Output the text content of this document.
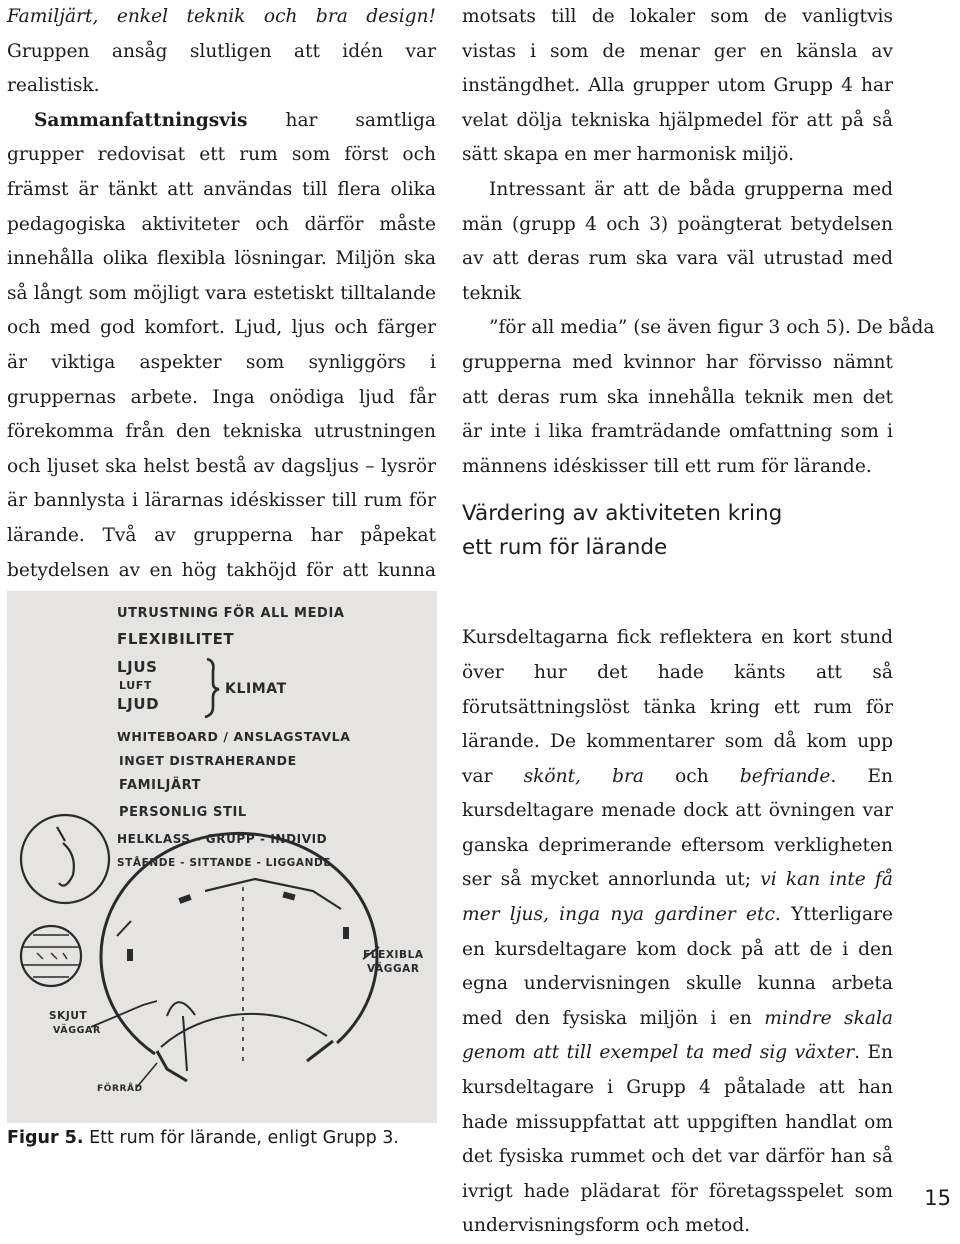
Familjärt, enkel teknik och bra design! Gruppen ansåg slutligen att idén var realistisk.

Sammanfattningsvis har samtliga grupper redovisat ett rum som först och främst är tänkt att användas till flera olika pedagogiska aktiviteter och därför måste innehålla olika flexibla lösningar. Miljön ska så långt som möjligt vara estetiskt tilltalande och med god komfort. Ljud, ljus och färger är viktiga aspekter som synliggörs i gruppernas arbete. Inga onödiga ljud får förekomma från den tekniska utrustningen och ljuset ska helst bestå av dagsljus – lysrör är bannlysta i lärarnas idéskisser till rum för lärande. Två av grupperna har påpekat betydelsen av en hög takhöjd för att kunna

UTRUSTNING FÖR ALL MEDIA
FLEXIBILITET
LJUS
LUFT
LJUD
KLIMAT
WHITEBOARD / ANSLAGSTAVLA
INGET DISTRAHERANDE
FAMILJÄRT
PERSONLIG STIL
HELKLASS - GRUPP - INDIVID
STÅENDE - SITTANDE - LIGGANDE
FLEXIBLA
VÄGGAR
SKJUT
VÄGGAR
FÖRRÅD
Figur 5. Ett rum för lärande, enligt Grupp 3.

motsats till de lokaler som de vanligtvis vistas i som de menar ger en känsla av instängdhet. Alla grupper utom Grupp 4 har velat dölja tekniska hjälpmedel för att på så sätt skapa en mer harmonisk miljö.

Intressant är att de båda grupperna med män (grupp 4 och 3) poängterat betydelsen av att deras rum ska vara väl utrustad med teknik
”för all media” (se även figur 3 och 5). De båda
grupperna med kvinnor har förvisso nämnt att deras rum ska innehålla teknik men det är inte i lika framträdande omfattning som i männens idéskisser till ett rum för lärande.

Kursdeltagarna fick reflektera en kort stund över hur det hade känts att så förutsättningslöst tänka kring ett rum för lärande. De kommentarer som då kom upp var skönt, bra och befriande. En kursdeltagare menade dock att övningen var ganska deprimerande eftersom verkligheten ser så mycket annorlunda ut; vi kan inte få mer ljus, inga nya gardiner etc. Ytterligare en kursdeltagare kom dock på att de i den egna undervisningen skulle kunna arbeta med den fysiska miljön i en mindre skala genom att till exempel ta med sig växter. En kursdeltagare i Grupp 4 påtalade att han hade missuppfattat att uppgiften handlat om det fysiska rummet och det var därför han så ivrigt hade plädarat för företagsspelet som undervisningsform och metod.

Värdering av aktiviteten kring
ett rum för lärande
15
